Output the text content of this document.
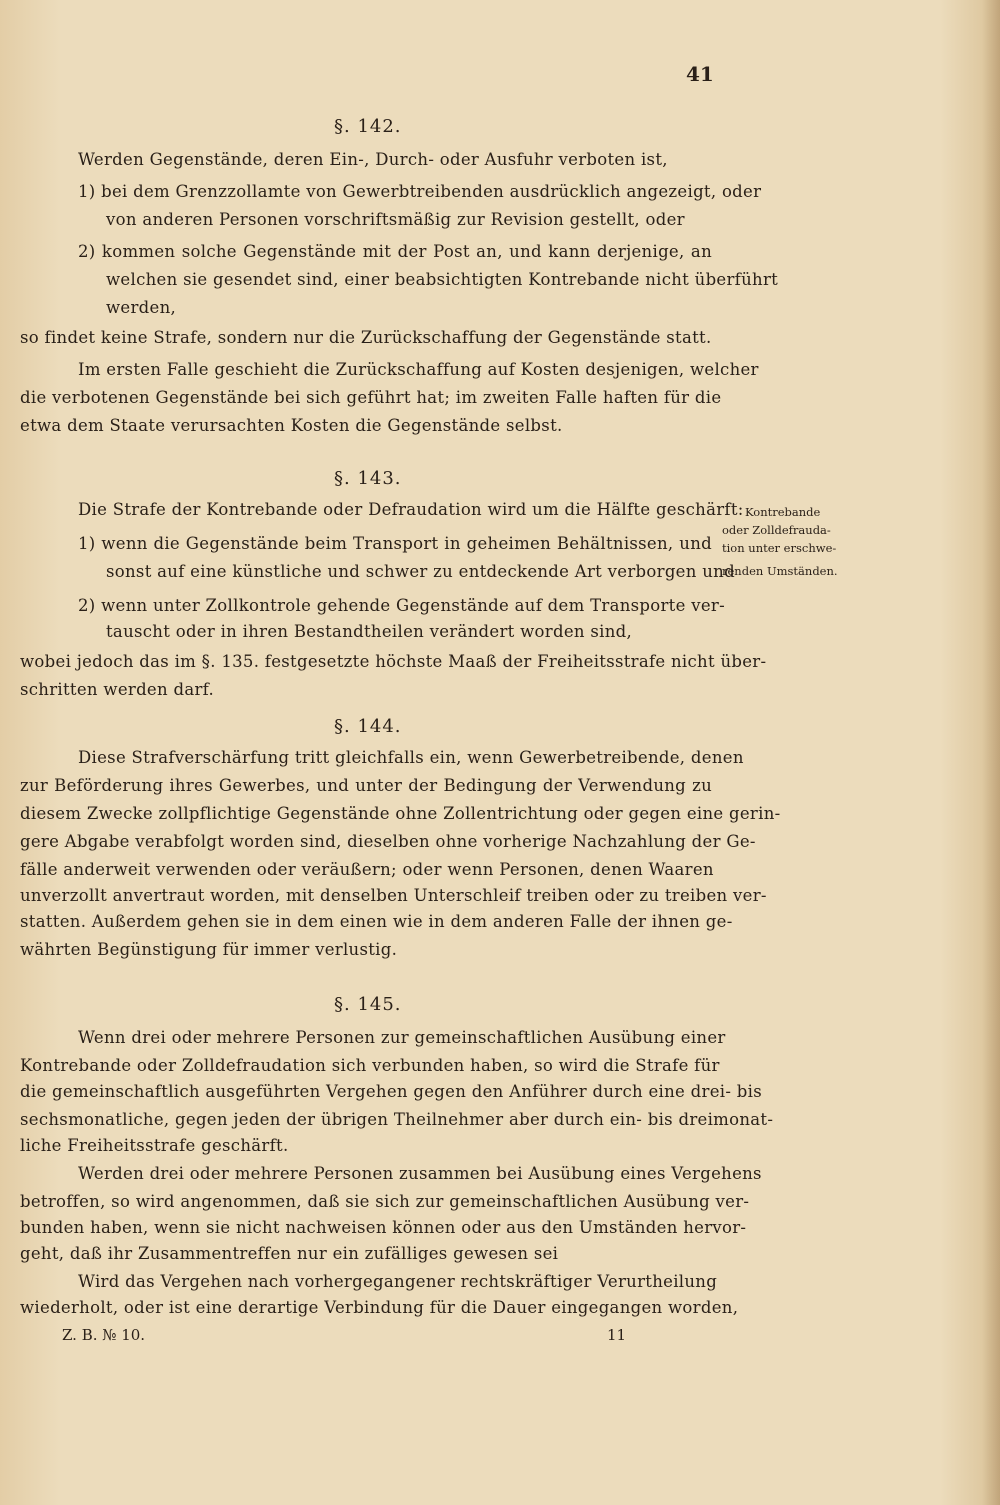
41
§. 142.
Werden Gegenstände, deren Ein-, Durch- oder Ausfuhr verboten ist,
1) bei dem Grenzzollamte von Gewerbtreibenden ausdrücklich angezeigt, oder
von anderen Personen vorschriftsmäßig zur Revision gestellt, oder
2) kommen solche Gegenstände mit der Post an, und kann derjenige, an
welchen sie gesendet sind, einer beabsichtigten Kontrebande nicht überführt
werden,
so findet keine Strafe, sondern nur die Zurückschaffung der Gegenstände statt.
Im ersten Falle geschieht die Zurückschaffung auf Kosten desjenigen, welcher
die verbotenen Gegenstände bei sich geführt hat; im zweiten Falle haften für die
etwa dem Staate verursachten Kosten die Gegenstände selbst.
§. 143.
Die Strafe der Kontrebande oder Defraudation wird um die Hälfte geschärft:
1) wenn die Gegenstände beim Transport in geheimen Behältnissen, und
sonst auf eine künstliche und schwer zu entdeckende Art verborgen und
2) wenn unter Zollkontrole gehende Gegenstände auf dem Transporte ver-
tauscht oder in ihren Bestandtheilen verändert worden sind,
wobei jedoch das im §. 135. festgesetzte höchste Maaß der Freiheitsstrafe nicht über-
schritten werden darf.
Kontrebande
oder Zolldefrauda-
tion unter erschwe-
renden Umständen.
§. 144.
Diese Strafverschärfung tritt gleichfalls ein, wenn Gewerbetreibende, denen
zur Beförderung ihres Gewerbes, und unter der Bedingung der Verwendung zu
diesem Zwecke zollpflichtige Gegenstände ohne Zollentrichtung oder gegen eine gerin-
gere Abgabe verabfolgt worden sind, dieselben ohne vorherige Nachzahlung der Ge-
fälle anderweit verwenden oder veräußern; oder wenn Personen, denen Waaren
unverzollt anvertraut worden, mit denselben Unterschleif treiben oder zu treiben ver-
statten. Außerdem gehen sie in dem einen wie in dem anderen Falle der ihnen ge-
währten Begünstigung für immer verlustig.
§. 145.
Wenn drei oder mehrere Personen zur gemeinschaftlichen Ausübung einer
Kontrebande oder Zolldefraudation sich verbunden haben, so wird die Strafe für
die gemeinschaftlich ausgeführten Vergehen gegen den Anführer durch eine drei- bis
sechsmonatliche, gegen jeden der übrigen Theilnehmer aber durch ein- bis dreimonat-
liche Freiheitsstrafe geschärft.
Werden drei oder mehrere Personen zusammen bei Ausübung eines Vergehens
betroffen, so wird angenommen, daß sie sich zur gemeinschaftlichen Ausübung ver-
bunden haben, wenn sie nicht nachweisen können oder aus den Umständen hervor-
geht, daß ihr Zusammentreffen nur ein zufälliges gewesen sei
Wird das Vergehen nach vorhergegangener rechtskräftiger Verurtheilung
wiederholt, oder ist eine derartige Verbindung für die Dauer eingegangen worden,
Z. B. № 10.	11
